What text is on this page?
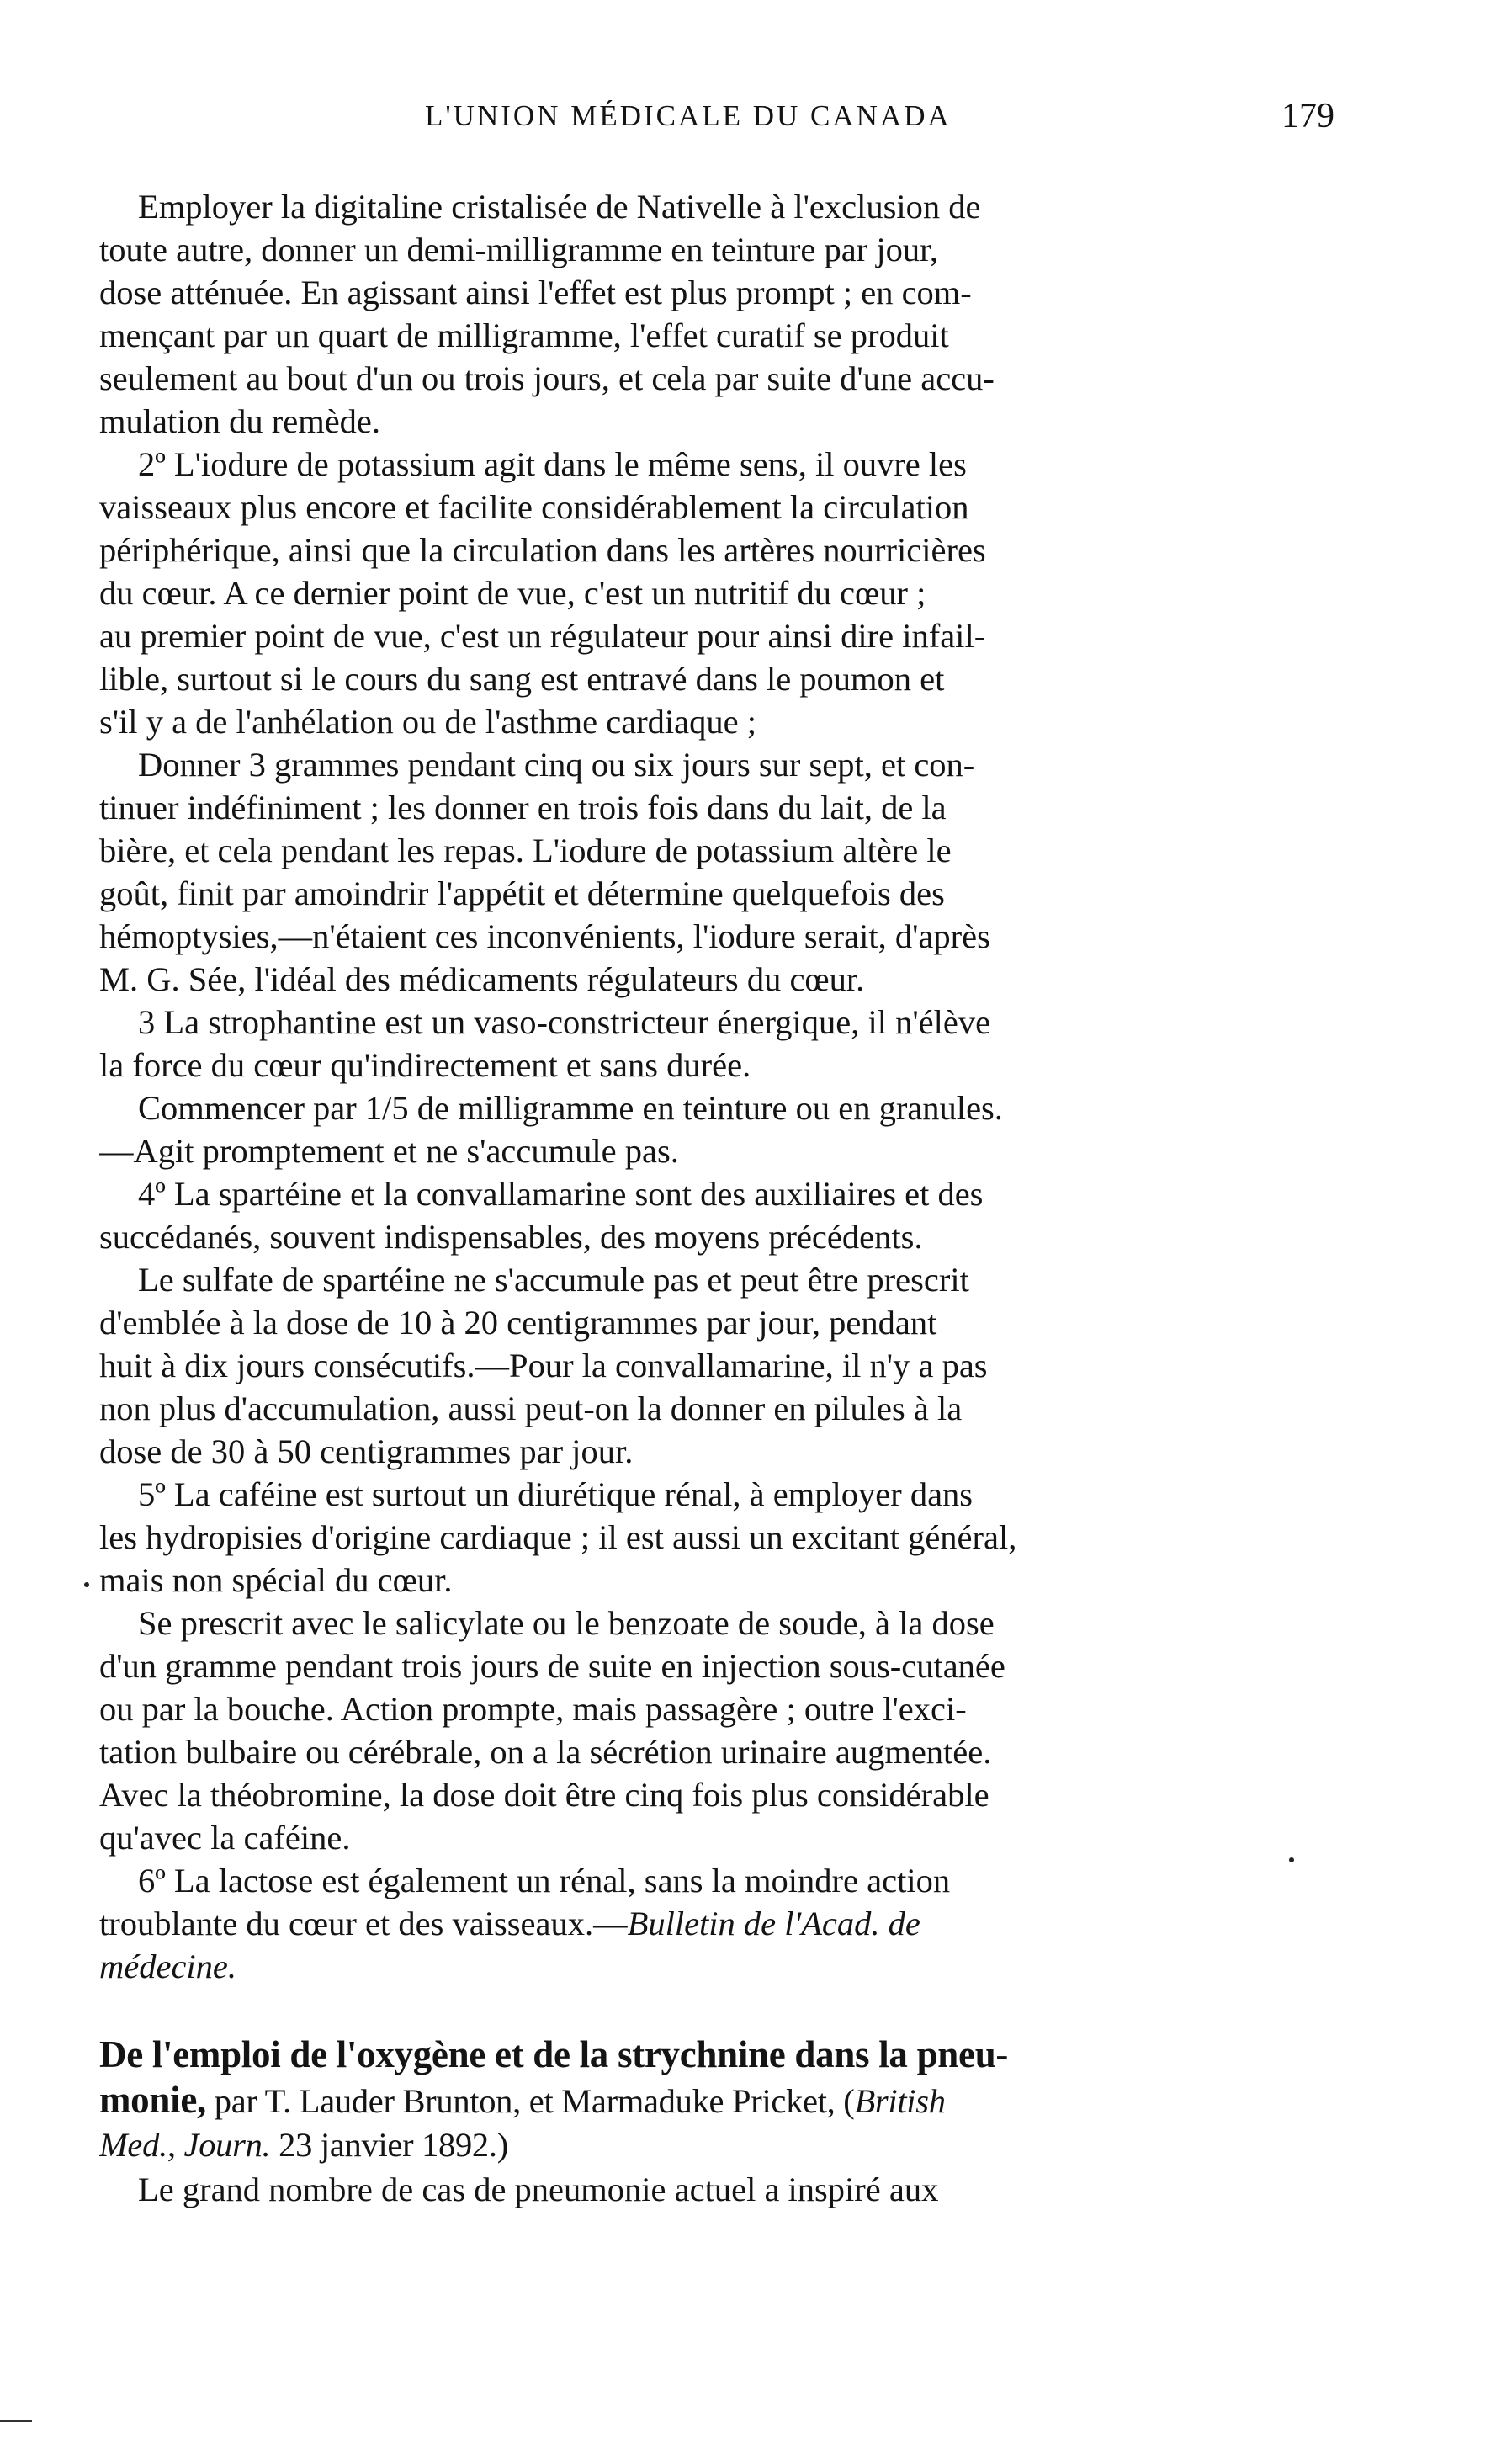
L'UNION MÉDICALE DU CANADA	179
Employer la digitaline cristalisée de Nativelle à l'exclusion de
toute autre, donner un demi-milligramme en teinture par jour,
dose atténuée. En agissant ainsi l'effet est plus prompt ; en com-
mençant par un quart de milligramme, l'effet curatif se produit
seulement au bout d'un ou trois jours, et cela par suite d'une accu-
mulation du remède.
2º L'iodure de potassium agit dans le même sens, il ouvre les
vaisseaux plus encore et facilite considérablement la circulation
périphérique, ainsi que la circulation dans les artères nourricières
du cœur. A ce dernier point de vue, c'est un nutritif du cœur ;
au premier point de vue, c'est un régulateur pour ainsi dire infail-
lible, surtout si le cours du sang est entravé dans le poumon et
s'il y a de l'anhélation ou de l'asthme cardiaque ;
Donner 3 grammes pendant cinq ou six jours sur sept, et con-
tinuer indéfiniment ; les donner en trois fois dans du lait, de la
bière, et cela pendant les repas. L'iodure de potassium altère le
goût, finit par amoindrir l'appétit et détermine quelquefois des
hémoptysies,—n'étaient ces inconvénients, l'iodure serait, d'après
M. G. Sée, l'idéal des médicaments régulateurs du cœur.
3 La strophantine est un vaso-constricteur énergique, il n'élève
la force du cœur qu'indirectement et sans durée.
Commencer par 1/5 de milligramme en teinture ou en granules.
—Agit promptement et ne s'accumule pas.
4º La spartéine et la convallamarine sont des auxiliaires et des
succédanés, souvent indispensables, des moyens précédents.
Le sulfate de spartéine ne s'accumule pas et peut être prescrit
d'emblée à la dose de 10 à 20 centigrammes par jour, pendant
huit à dix jours consécutifs.—Pour la convallamarine, il n'y a pas
non plus d'accumulation, aussi peut-on la donner en pilules à la
dose de 30 à 50 centigrammes par jour.
5º La caféine est surtout un diurétique rénal, à employer dans
les hydropisies d'origine cardiaque ; il est aussi un excitant général,
mais non spécial du cœur.
Se prescrit avec le salicylate ou le benzoate de soude, à la dose
d'un gramme pendant trois jours de suite en injection sous-cutanée
ou par la bouche. Action prompte, mais passagère ; outre l'exci-
tation bulbaire ou cérébrale, on a la sécrétion urinaire augmentée.
Avec la théobromine, la dose doit être cinq fois plus considérable
qu'avec la caféine.
6º La lactose est également un rénal, sans la moindre action
troublante du cœur et des vaisseaux.—Bulletin de l'Acad. de
médecine.
De l'emploi de l'oxygène et de la strychnine dans la pneu-
monie, par T. Lauder Brunton, et Marmaduke Pricket, (British
Med., Journ. 23 janvier 1892.)
Le grand nombre de cas de pneumonie actuel a inspiré aux
